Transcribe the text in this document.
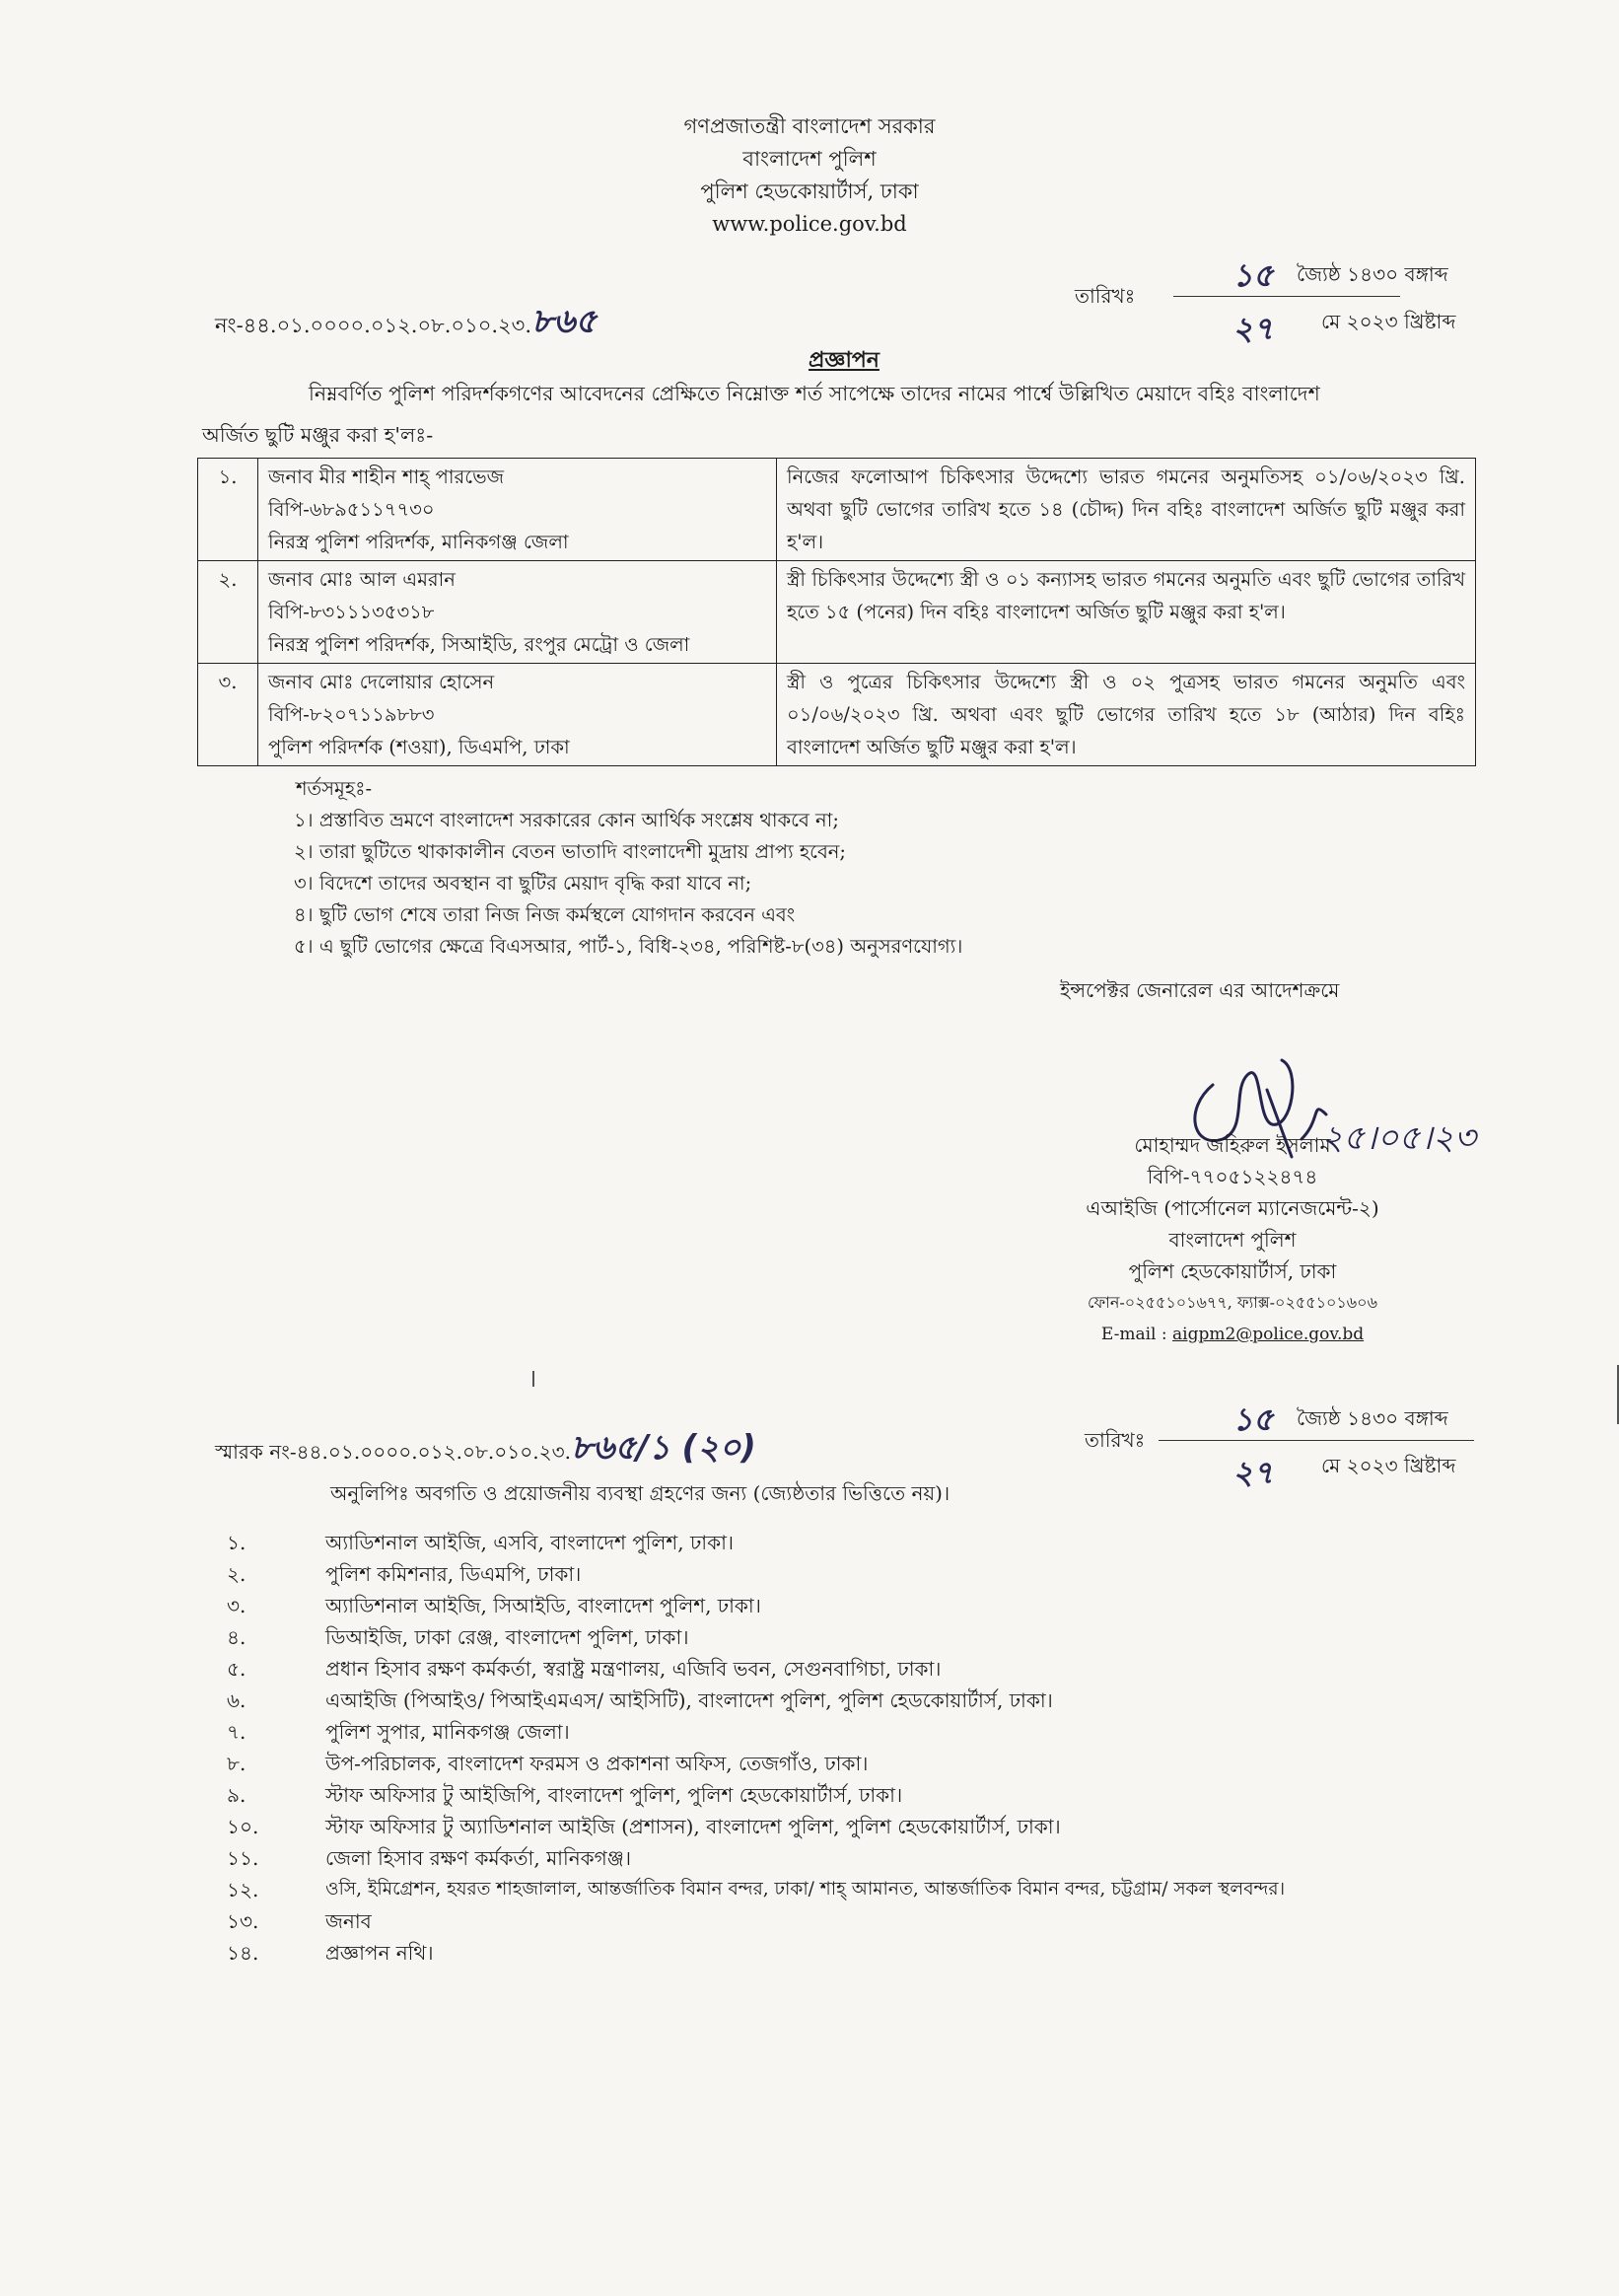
গণপ্রজাতন্ত্রী বাংলাদেশ সরকার
বাংলাদেশ পুলিশ
পুলিশ হেডকোয়ার্টার্স, ঢাকা
www.police.gov.bd
নং-৪৪.০১.০০০০.০১২.০৮.০১০.২৩.৮৬৫
১৫ জ্যৈষ্ঠ ১৪৩০ বঙ্গাব্দ
তারিখঃ
২৭ মে ২০২৩ খ্রিষ্টাব্দ
প্রজ্ঞাপন
নিম্নবর্ণিত পুলিশ পরিদর্শকগণের আবেদনের প্রেক্ষিতে নিম্নোক্ত শর্ত সাপেক্ষে তাদের নামের পার্শ্বে উল্লিখিত মেয়াদে বহিঃ বাংলাদেশ
অর্জিত ছুটি মঞ্জুর করা হ'লঃ-
১.	জনাব মীর শাহীন শাহ্‌ পারভেজ
বিপি-৬৮৯৫১১৭৭৩০
নিরস্ত্র পুলিশ পরিদর্শক, মানিকগঞ্জ জেলা	নিজের ফলোআপ চিকিৎসার উদ্দেশ্যে ভারত গমনের অনুমতিসহ ০১/০৬/২০২৩ খ্রি. অথবা ছুটি ভোগের তারিখ হতে ১৪ (চৌদ্দ) দিন বহিঃ বাংলাদেশ অর্জিত ছুটি মঞ্জুর করা হ'ল।
২.	জনাব মোঃ আল এমরান
বিপি-৮৩১১১৩৫৩১৮
নিরস্ত্র পুলিশ পরিদর্শক, সিআইডি, রংপুর মেট্রো ও জেলা	স্ত্রী চিকিৎসার উদ্দেশ্যে স্ত্রী ও ০১ কন্যাসহ ভারত গমনের অনুমতি এবং ছুটি ভোগের তারিখ হতে ১৫ (পনের) দিন বহিঃ বাংলাদেশ অর্জিত ছুটি মঞ্জুর করা হ'ল।
৩.	জনাব মোঃ দেলোয়ার হোসেন
বিপি-৮২০৭১১৯৮৮৩
পুলিশ পরিদর্শক (শওয়া), ডিএমপি, ঢাকা	স্ত্রী ও পুত্রের চিকিৎসার উদ্দেশ্যে স্ত্রী ও ০২ পুত্রসহ ভারত গমনের অনুমতি এবং ০১/০৬/২০২৩ খ্রি. অথবা এবং ছুটি ভোগের তারিখ হতে ১৮ (আঠার) দিন বহিঃ বাংলাদেশ অর্জিত ছুটি মঞ্জুর করা হ'ল।
শর্তসমূহঃ-
১। প্রস্তাবিত ভ্রমণে বাংলাদেশ সরকারের কোন আর্থিক সংশ্লেষ থাকবে না;
২। তারা ছুটিতে থাকাকালীন বেতন ভাতাদি বাংলাদেশী মুদ্রায় প্রাপ্য হবেন;
৩। বিদেশে তাদের অবস্থান বা ছুটির মেয়াদ বৃদ্ধি করা যাবে না;
৪। ছুটি ভোগ শেষে তারা নিজ নিজ কর্মস্থলে যোগদান করবেন এবং
৫। এ ছুটি ভোগের ক্ষেত্রে বিএসআর, পার্ট-১, বিধি-২৩৪, পরিশিষ্ট-৮(৩৪) অনুসরণযোগ্য।
ইন্সপেক্টর জেনারেল এর আদেশক্রমে
২৫।০৫।২৩
মোহাম্মদ জহিরুল ইসলাম
বিপি-৭৭০৫১২২৪৭৪
এআইজি (পার্সোনেল ম্যানেজমেন্ট-২)
বাংলাদেশ পুলিশ
পুলিশ হেডকোয়ার্টার্স, ঢাকা
ফোন-০২৫৫১০১৬৭৭, ফ্যাক্স-০২৫৫১০১৬০৬
E-mail : aigpm2@police.gov.bd
স্মারক নং-৪৪.০১.০০০০.০১২.০৮.০১০.২৩.৮৬৫/১ (২০)
১৫ জ্যৈষ্ঠ ১৪৩০ বঙ্গাব্দ
তারিখঃ
২৭ মে ২০২৩ খ্রিষ্টাব্দ
অনুলিপিঃ অবগতি ও প্রয়োজনীয় ব্যবস্থা গ্রহণের জন্য (জ্যেষ্ঠতার ভিত্তিতে নয়)।
১.	অ্যাডিশনাল আইজি, এসবি, বাংলাদেশ পুলিশ, ঢাকা।
২.	পুলিশ কমিশনার, ডিএমপি, ঢাকা।
৩.	অ্যাডিশনাল আইজি, সিআইডি, বাংলাদেশ পুলিশ, ঢাকা।
৪.	ডিআইজি, ঢাকা রেঞ্জ, বাংলাদেশ পুলিশ, ঢাকা।
৫.	প্রধান হিসাব রক্ষণ কর্মকর্তা, স্বরাষ্ট্র মন্ত্রণালয়, এজিবি ভবন, সেগুনবাগিচা, ঢাকা।
৬.	এআইজি (পিআইও/ পিআইএমএস/ আইসিটি), বাংলাদেশ পুলিশ, পুলিশ হেডকোয়ার্টার্স, ঢাকা।
৭.	পুলিশ সুপার, মানিকগঞ্জ জেলা।
৮.	উপ-পরিচালক, বাংলাদেশ ফরমস ও প্রকাশনা অফিস, তেজগাঁও, ঢাকা।
৯.	স্টাফ অফিসার টু আইজিপি, বাংলাদেশ পুলিশ, পুলিশ হেডকোয়ার্টার্স, ঢাকা।
১০.	স্টাফ অফিসার টু অ্যাডিশনাল আইজি (প্রশাসন), বাংলাদেশ পুলিশ, পুলিশ হেডকোয়ার্টার্স, ঢাকা।
১১.	জেলা হিসাব রক্ষণ কর্মকর্তা, মানিকগঞ্জ।
১২.	ওসি, ইমিগ্রেশন, হযরত শাহজালাল, আন্তর্জাতিক বিমান বন্দর, ঢাকা/ শাহ্‌ আমানত, আন্তর্জাতিক বিমান বন্দর, চট্টগ্রাম/ সকল স্থলবন্দর।
১৩.	জনাব
১৪.	প্রজ্ঞাপন নথি।
